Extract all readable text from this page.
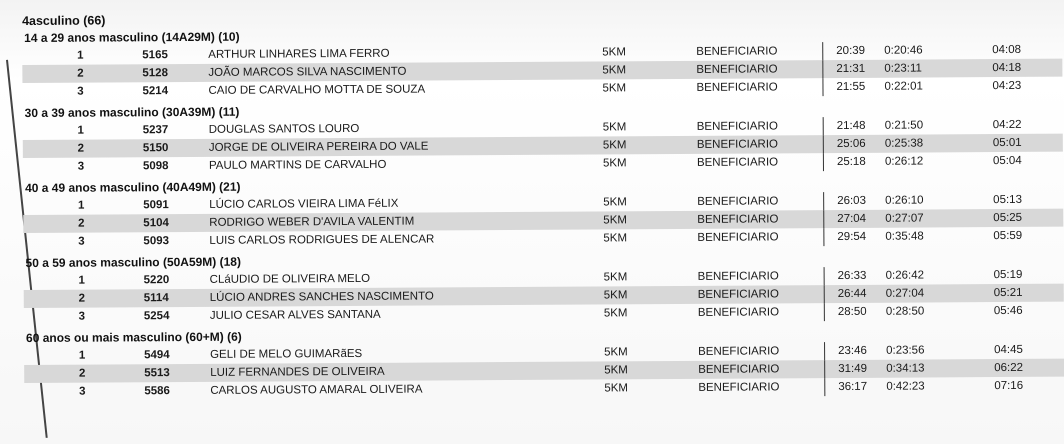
4asculino (66)
14 a 29 anos masculino (14A29M) (10)
1	5165	ARTHUR LINHARES LIMA FERRO	5KM	BENEFICIARIO	20:39 0:20:46	04:08
2	5128	JOÃO MARCOS SILVA NASCIMENTO	5KM	BENEFICIARIO	21:31 0:23:11	04:18
3	5214	CAIO DE CARVALHO MOTTA DE SOUZA	5KM	BENEFICIARIO	21:55 0:22:01	04:23
30 a 39 anos masculino (30A39M) (11)
1	5237	DOUGLAS SANTOS LOURO	5KM	BENEFICIARIO	21:48 0:21:50	04:22
2	5150	JORGE DE OLIVEIRA PEREIRA DO VALE	5KM	BENEFICIARIO	25:06 0:25:38	05:01
3	5098	PAULO MARTINS DE CARVALHO	5KM	BENEFICIARIO	25:18 0:26:12	05:04
40 a 49 anos masculino (40A49M) (21)
1	5091	LÚCIO CARLOS VIEIRA LIMA FéLIX	5KM	BENEFICIARIO	26:03 0:26:10	05:13
2	5104	RODRIGO WEBER D'AVILA VALENTIM	5KM	BENEFICIARIO	27:04 0:27:07	05:25
3	5093	LUIS CARLOS RODRIGUES DE ALENCAR	5KM	BENEFICIARIO	29:54 0:35:48	05:59
50 a 59 anos masculino (50A59M) (18)
1	5220	CLáUDIO DE OLIVEIRA MELO	5KM	BENEFICIARIO	26:33 0:26:42	05:19
2	5114	LÚCIO ANDRES SANCHES NASCIMENTO	5KM	BENEFICIARIO	26:44 0:27:04	05:21
3	5254	JULIO CESAR ALVES SANTANA	5KM	BENEFICIARIO	28:50 0:28:50	05:46
60 anos ou mais masculino (60+M) (6)
1	5494	GELI DE MELO GUIMARãES	5KM	BENEFICIARIO	23:46 0:23:56	04:45
2	5513	LUIZ FERNANDES DE OLIVEIRA	5KM	BENEFICIARIO	31:49 0:34:13	06:22
3	5586	CARLOS AUGUSTO AMARAL OLIVEIRA	5KM	BENEFICIARIO	36:17 0:42:23	07:16
